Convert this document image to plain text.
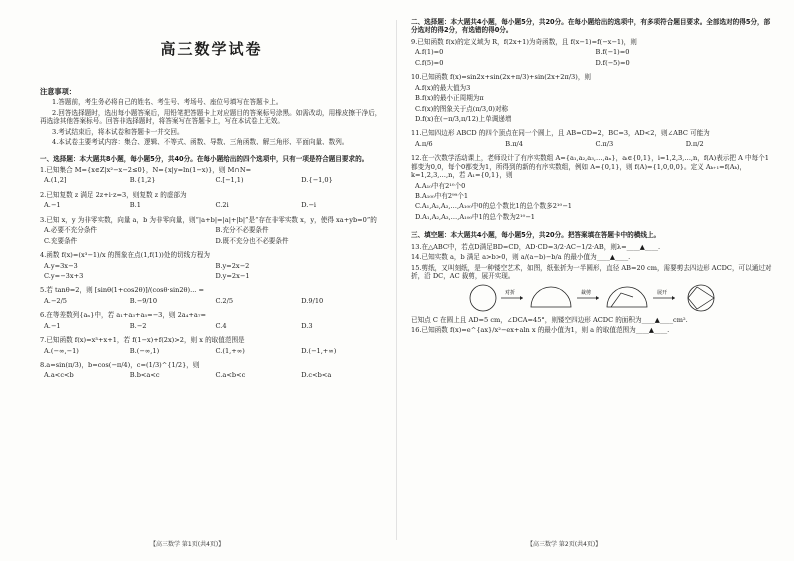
高三数学试卷
注意事项：

1.答题前，考生务必将自己的姓名、考生号、考场号、座位号填写在答题卡上。

2.回答选择题时，选出每小题答案后，用铅笔把答题卡上对应题目的答案标号涂黑。如需改动，用橡皮擦干净后，再选涂其他答案标号。回答非选择题时，将答案写在答题卡上，写在本试卷上无效。

3.考试结束后，将本试卷和答题卡一并交回。

4.本试卷主要考试内容：集合、逻辑、不等式、函数、导数、三角函数、解三角形、平面向量、数列。

一、选择题：本大题共8小题，每小题5分，共40分。在每小题给出的四个选项中，只有一项是符合题目要求的。
1.已知集合 M={x∈Z|x²−x−2≤0}，N={x|y=ln(1−x)}，则 M∩N=
A.(1,2]	B.{1,2}	C.[−1,1)	D.{−1,0}
2.已知复数 z 满足 2z+i·z=3，则复数 z 的虚部为
A.−1	B.1	C.2i	D.−i
3.已知 x，y 为非零实数，向量 a，b 为非零向量，则“|a+b|=|a|+|b|”是“存在非零实数 x，y，使得 xa+yb=0”的
A.必要不充分条件	B.充分不必要条件
C.充要条件	D.既不充分也不必要条件
4.函数 f(x)=(x³−1)/x 的图象在点(1,f(1))处的切线方程为
A.y=3x−3	B.y=2x−2
C.y=−3x+3	D.y=2x−1
5.若 tanθ=2，则 [sinθ(1+cos2θ)]/(cosθ·sin2θ)... =
A.−2/5	B.−9/10	C.2/5	D.9/10
6.在等差数列{aₙ}中，若 a₁+a₃+a₅=−3，则 2a₄+a₇=
A.−1	B.−2	C.4	D.3
7.已知函数 f(x)=x³+x+1，若 f(1−x)+f(2x)>2，则 x 的取值范围是
A.(−∞,−1)	B.(−∞,1)	C.(1,+∞)	D.(−1,+∞)
8.a=sin(π/3)，b=cos(−π/4)，c=(1/3)^{1/2}，则
A.a<c<b	B.b<a<c	C.a<b<c	D.c<b<a
【高三数学 第1页(共4页)】
二、选择题：本大题共4小题，每小题5分，共20分。在每小题给出的选项中，有多项符合题目要求。全部选对的得5分，部分选对的得2分，有选错的得0分。
9.已知函数 f(x)的定义域为 R，f(2x+1)为奇函数，且 f(x−1)=f(−x−1)，则
A.f(1)=0	B.f(−1)=0
C.f(5)=0	D.f(−5)=0
10.已知函数 f(x)=sin2x+sin(2x+π/3)+sin(2x+2π/3)，则
A.f(x)的最大值为3
B.f(x)的最小正周期为π
C.f(x)的图象关于点(π/3,0)对称
D.f(x)在(−π/3,π/12)上单调递增
11.已知四边形 ABCD 的四个顶点在同一个圆上，且 AB=CD=2，BC=3，AD<2，则∠ABC 可能为
A.π/6	B.π/4	C.π/3	D.π/2
12.在一次数学活动课上，老师设计了有序实数组 A={a₁,a₂,a₃,…,aₙ}，aᵢ∈{0,1}，i=1,2,3,…,n，f(A)表示把 A 中每个1都变为0,0，每个0都变为1，所得到的新的有序实数组，例如 A={0,1}，则 f(A)={1,0,0,0}。定义 Aₖ₊₁=f(Aₖ)，k=1,2,3,…,n，若 A₁={0,1}，则
A.A₁₀中有2¹⁰个0
B.A₁₀₀中有2⁹⁹个1
C.A₁,A₂,A₃,…,A₁₀₀中0的总个数比1的总个数多2¹⁰−1
D.A₁,A₂,A₃,…,A₁₀₀中1的总个数为2¹⁰−1
三、填空题：本大题共4小题，每小题5分，共20分。把答案填在答题卡中的横线上。
13.在△ABC中，若点D满足BD=CD，AD·CD=3/2·AC−1/2·AB，则λ=____▲____.
14.已知实数 a，b 满足 a>b>0，则 a/(a−b)−b/a 的最小值为____▲____.
15.剪纸，又叫刻纸，是一种镂空艺术，如图，纸张折为一半圆形，直径 AB=20 cm，需要剪去四边形 ACDC，可以通过对折，沿 DC，AC 裁剪，展开实现。
对折	裁剪	展开
已知点 C 在圆上且 AD=5 cm，∠DCA=45°，则镂空四边形 ACDC 的面积为____▲____cm².
16.已知函数 f(x)=e^{ax}/x²−ex+aln x 的最小值为1，则 a 的取值范围为____▲____.
【高三数学 第2页(共4页)】
